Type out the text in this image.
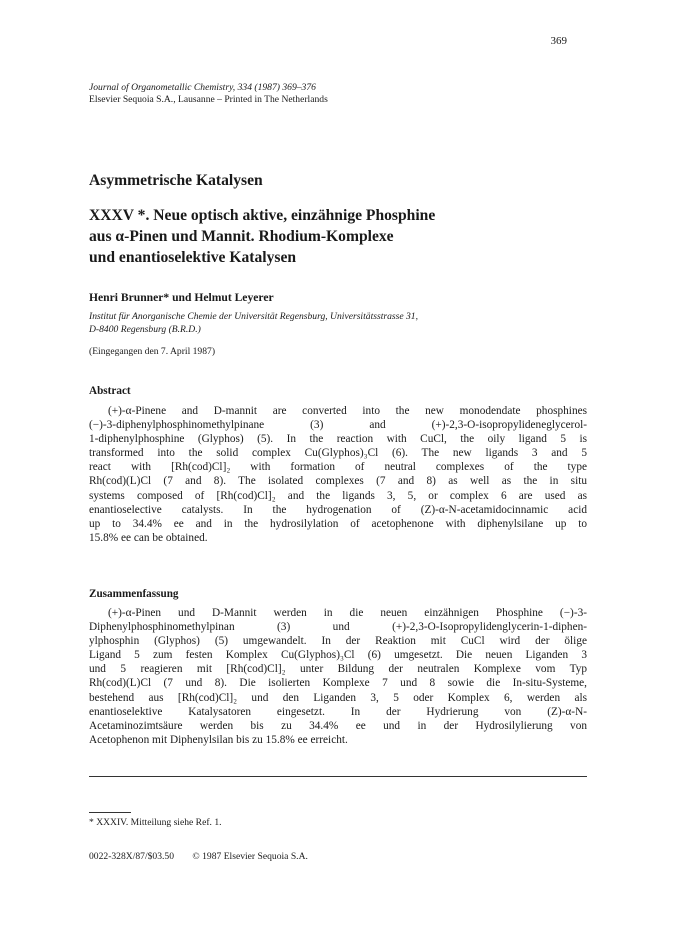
369
Journal of Organometallic Chemistry, 334 (1987) 369–376
Elsevier Sequoia S.A., Lausanne – Printed in The Netherlands
Asymmetrische Katalysen
XXXV *. Neue optisch aktive, einzähnige Phosphine
aus α-Pinen und Mannit. Rhodium-Komplexe
und enantioselektive Katalysen
Henri Brunner* und Helmut Leyerer
Institut für Anorganische Chemie der Universität Regensburg, Universitätsstrasse 31,
D-8400 Regensburg (B.R.D.)
(Eingegangen den 7. April 1987)
Abstract
(+)-α-Pinene and D-mannit are converted into the new monodendate phosphines
(−)-3-diphenylphosphinomethylpinane (3) and (+)-2,3-O-isopropylideneglycerol-
1-diphenylphosphine (Glyphos) (5). In the reaction with CuCl, the oily ligand 5 is
transformed into the solid complex Cu(Glyphos)₃Cl (6). The new ligands 3 and 5
react with [Rh(cod)Cl]₂ with formation of neutral complexes of the type
Rh(cod)(L)Cl (7 and 8). The isolated complexes (7 and 8) as well as the in situ
systems composed of [Rh(cod)Cl]₂ and the ligands 3, 5, or complex 6 are used as
enantioselective catalysts. In the hydrogenation of (Z)-α-N-acetamidocinnamic acid
up to 34.4% ee and in the hydrosilylation of acetophenone with diphenylsilane up to
15.8% ee can be obtained.
Zusammenfassung
(+)-α-Pinen und D-Mannit werden in die neuen einzähnigen Phosphine (−)-3-
Diphenylphosphinomethylpinan (3) und (+)-2,3-O-Isopropylidenglycerin-1-diphen-
ylphosphin (Glyphos) (5) umgewandelt. In der Reaktion mit CuCl wird der ölige
Ligand 5 zum festen Komplex Cu(Glyphos)₃Cl (6) umgesetzt. Die neuen Liganden 3
und 5 reagieren mit [Rh(cod)Cl]₂ unter Bildung der neutralen Komplexe vom Typ
Rh(cod)(L)Cl (7 und 8). Die isolierten Komplexe 7 und 8 sowie die In-situ-Systeme,
bestehend aus [Rh(cod)Cl]₂ und den Liganden 3, 5 oder Komplex 6, werden als
enantioselektive Katalysatoren eingesetzt. In der Hydrierung von (Z)-α-N-
Acetaminozimtsäure werden bis zu 34.4% ee und in der Hydrosilylierung von
Acetophenon mit Diphenylsilan bis zu 15.8% ee erreicht.
* XXXIV. Mitteilung siehe Ref. 1.
0022-328X/87/$03.50 © 1987 Elsevier Sequoia S.A.
